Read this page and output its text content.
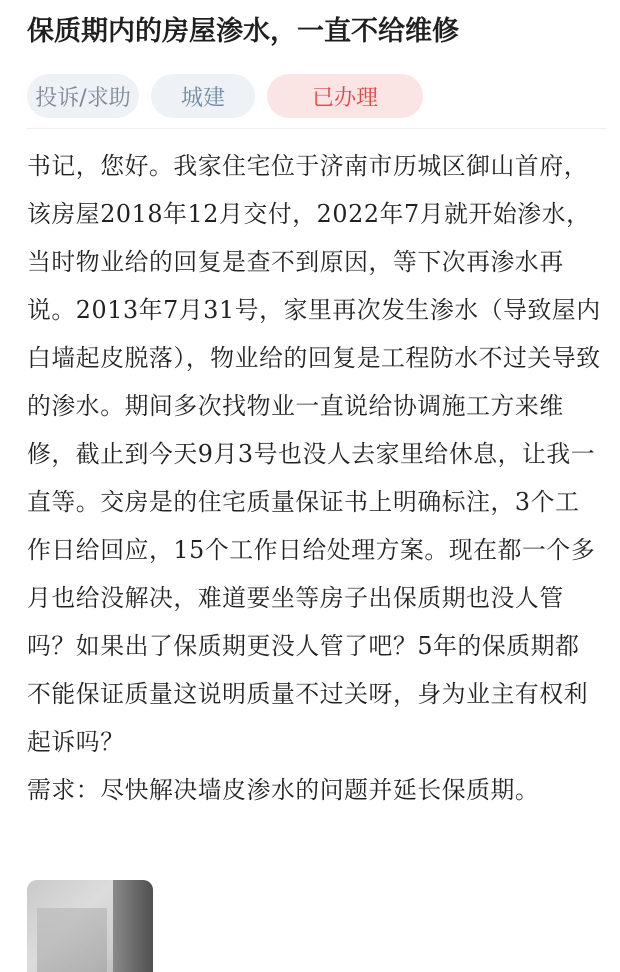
保质期内的房屋渗水，一直不给维修
投诉/求助	城建	已办理

书记，您好。我家住宅位于济南市历城区御山首府，该房屋2018年12月交付，2022年7月就开始渗水，当时物业给的回复是查不到原因，等下次再渗水再说。2013年7月31号，家里再次发生渗水（导致屋内白墙起皮脱落），物业给的回复是工程防水不过关导致的渗水。期间多次找物业一直说给协调施工方来维修，截止到今天9月3号也没人去家里给休息，让我一直等。交房是的住宅质量保证书上明确标注，3个工作日给回应，15个工作日给处理方案。现在都一个多月也给没解决，难道要坐等房子出保质期也没人管吗？如果出了保质期更没人管了吧？5年的保质期都不能保证质量这说明质量不过关呀，身为业主有权利起诉吗？

需求：尽快解决墙皮渗水的问题并延长保质期。
